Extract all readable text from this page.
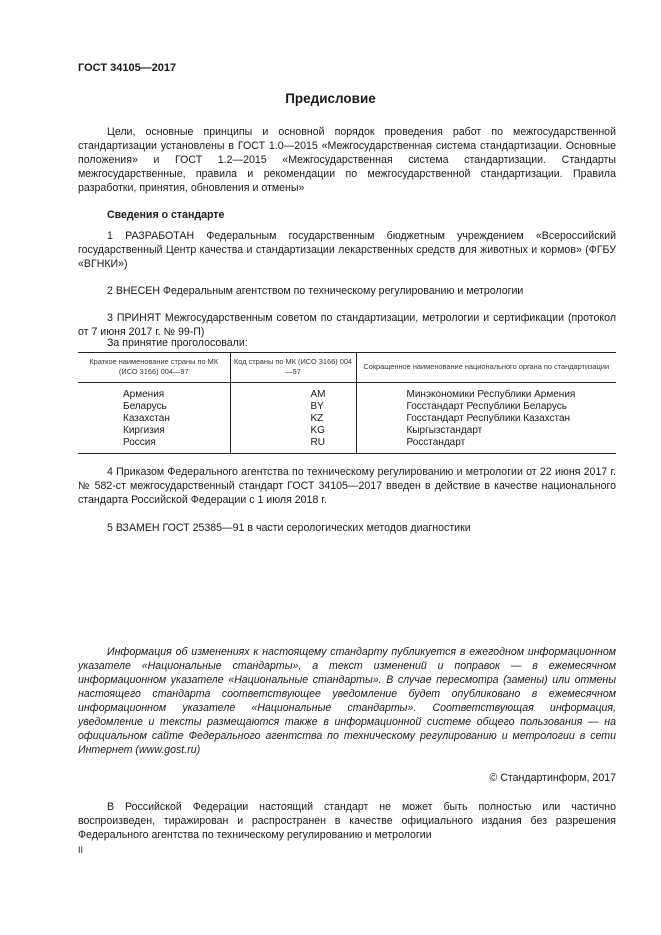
ГОСТ 34105—2017
Предисловие
Цели, основные принципы и основной порядок проведения работ по межгосударственной стандартизации установлены в ГОСТ 1.0—2015 «Межгосударственная система стандартизации. Основные положения» и ГОСТ 1.2—2015 «Межгосударственная система стандартизации. Стандарты межгосударственные, правила и рекомендации по межгосударственной стандартизации. Правила разработки, принятия, обновления и отмены»
Сведения о стандарте
1 РАЗРАБОТАН Федеральным государственным бюджетным учреждением «Всероссийский государственный Центр качества и стандартизации лекарственных средств для животных и кормов» (ФГБУ «ВГНКИ»)
2 ВНЕСЕН Федеральным агентством по техническому регулированию и метрологии
3 ПРИНЯТ Межгосударственным советом по стандартизации, метрологии и сертификации (протокол от 7 июня 2017 г. № 99-П)
За принятие проголосовали:
Краткое наименование страны по МК (ИСО 3166) 004—97	Код страны по МК (ИСО 3166) 004—97	Сокращенное наименование национального органа по стандартизации
Армения	AM	Минэкономики Республики Армения
Беларусь	BY	Госстандарт Республики Беларусь
Казахстан	KZ	Госстандарт Республики Казахстан
Киргизия	KG	Кыргызстандарт
Россия	RU	Росстандарт
4 Приказом Федерального агентства по техническому регулированию и метрологии от 22 июня 2017 г. № 582-ст межгосударственный стандарт ГОСТ 34105—2017 введен в действие в качестве национального стандарта Российской Федерации с 1 июля 2018 г.
5 ВЗАМЕН ГОСТ 25385—91 в части серологических методов диагностики
Информация об изменениях к настоящему стандарту публикуется в ежегодном информационном указателе «Национальные стандарты», а текст изменений и поправок — в ежемесячном информационном указателе «Национальные стандарты». В случае пересмотра (замены) или отмены настоящего стандарта соответствующее уведомление будет опубликовано в ежемесячном информационном указателе «Национальные стандарты». Соответствующая информация, уведомление и тексты размещаются также в информационной системе общего пользования — на официальном сайте Федерального агентства по техническому регулированию и метрологии в сети Интернет (www.gost.ru)
© Стандартинформ, 2017
В Российской Федерации настоящий стандарт не может быть полностью или частично воспроизведен, тиражирован и распространен в качестве официального издания без разрешения Федерального агентства по техническому регулированию и метрологии
II
